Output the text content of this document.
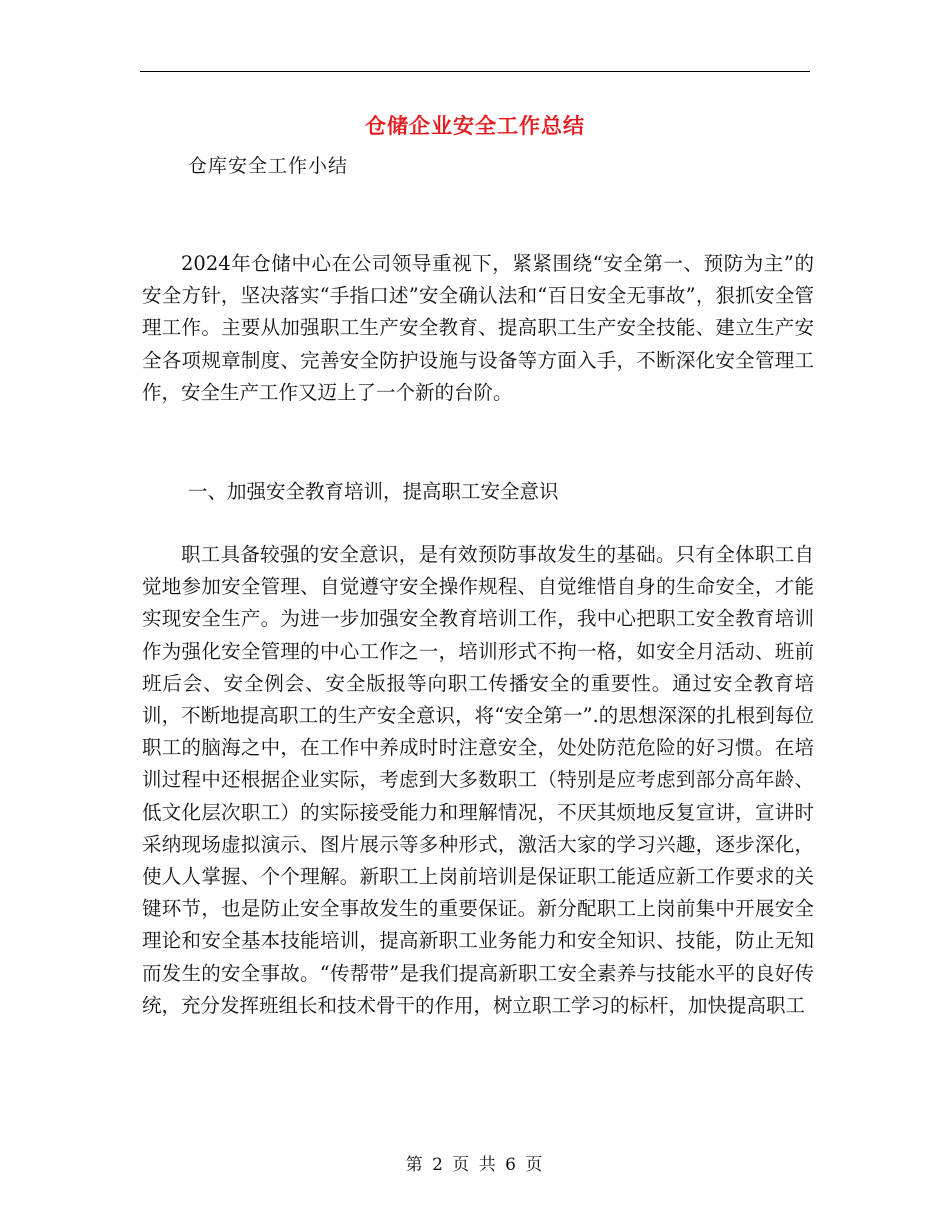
仓储企业安全工作总结
仓库安全工作小结

2024年仓储中心在公司领导重视下，紧紧围绕“安全第一、预防为主”的安全方针，坚决落实“手指口述”安全确认法和“百日安全无事故”，狠抓安全管理工作。主要从加强职工生产安全教育、提高职工生产安全技能、建立生产安全各项规章制度、完善安全防护设施与设备等方面入手，不断深化安全管理工作，安全生产工作又迈上了一个新的台阶。

一、加强安全教育培训，提高职工安全意识

职工具备较强的安全意识，是有效预防事故发生的基础。只有全体职工自觉地参加安全管理、自觉遵守安全操作规程、自觉维惜自身的生命安全，才能实现安全生产。为进一步加强安全教育培训工作，我中心把职工安全教育培训作为强化安全管理的中心工作之一，培训形式不拘一格，如安全月活动、班前班后会、安全例会、安全版报等向职工传播安全的重要性。通过安全教育培训，不断地提高职工的生产安全意识，将“安全第一”.的思想深深的扎根到每位职工的脑海之中，在工作中养成时时注意安全，处处防范危险的好习惯。在培训过程中还根据企业实际，考虑到大多数职工（特别是应考虑到部分高年龄、低文化层次职工）的实际接受能力和理解情况，不厌其烦地反复宣讲，宣讲时采纳现场虚拟演示、图片展示等多种形式，激活大家的学习兴趣，逐步深化，使人人掌握、个个理解。新职工上岗前培训是保证职工能适应新工作要求的关键环节，也是防止安全事故发生的重要保证。新分配职工上岗前集中开展安全理论和安全基本技能培训，提高新职工业务能力和安全知识、技能，防止无知而发生的安全事故。“传帮带”是我们提高新职工安全素养与技能水平的良好传统，充分发挥班组长和技术骨干的作用，树立职工学习的标杆，加快提高职工

第 2 页 共 6 页
